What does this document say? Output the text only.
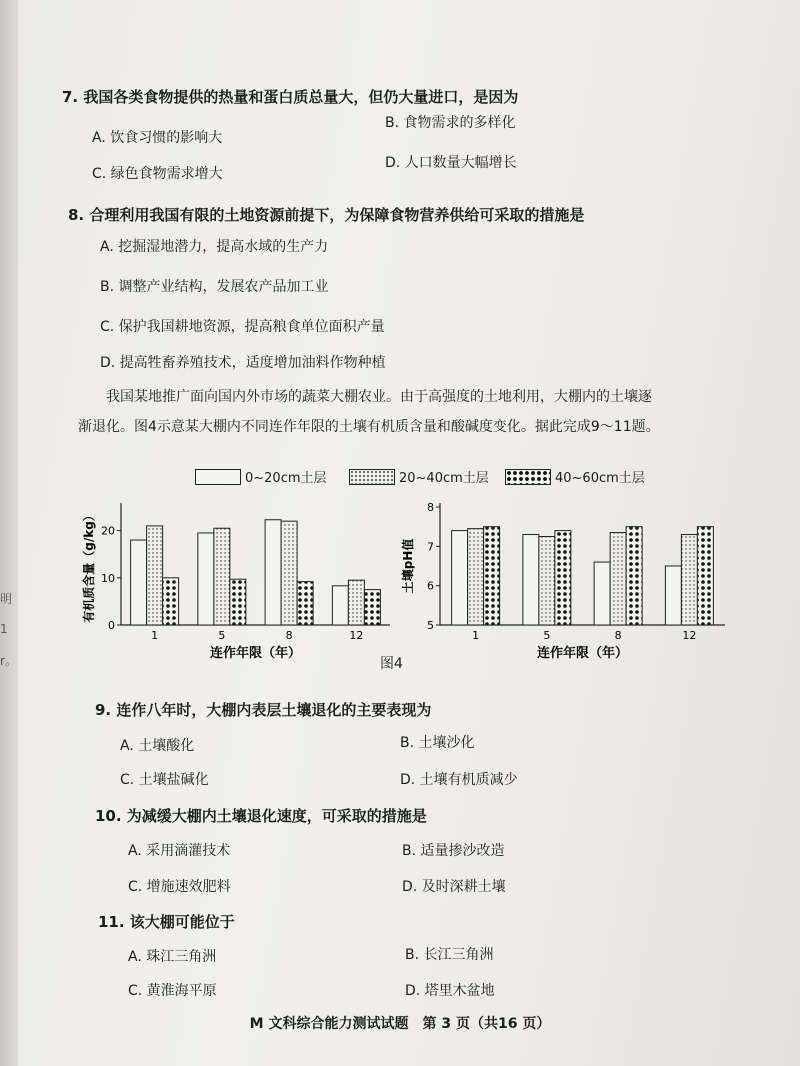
明
1
r。
7. 我国各类食物提供的热量和蛋白质总量大，但仍大量进口，是因为
A. 饮食习惯的影响大
B. 食物需求的多样化
C. 绿色食物需求增大
D. 人口数量大幅增长
8. 合理利用我国有限的土地资源前提下，为保障食物营养供给可采取的措施是
A. 挖掘湿地潜力，提高水域的生产力
B. 调整产业结构，发展农产品加工业
C. 保护我国耕地资源，提高粮食单位面积产量
D. 提高牲畜养殖技术，适度增加油料作物种植
我国某地推广面向国内外市场的蔬菜大棚农业。由于高强度的土地利用，大棚内的土壤逐
渐退化。图4示意某大棚内不同连作年限的土壤有机质含量和酸碱度变化。据此完成9～11题。
0~20cm土层	20~40cm土层	40~60cm土层
0
10
20
有机质含量（g/kg）
1	5	8	12
连作年限（年）
5
6
7
8
土壤pH值
1	5	8	12
连作年限（年）
图4
9. 连作八年时，大棚内表层土壤退化的主要表现为
A. 土壤酸化	B. 土壤沙化
C. 土壤盐碱化	D. 土壤有机质减少
10. 为减缓大棚内土壤退化速度，可采取的措施是
A. 采用滴灌技术	B. 适量掺沙改造
C. 增施速效肥料	D. 及时深耕土壤
11. 该大棚可能位于
A. 珠江三角洲	B. 长江三角洲
C. 黄淮海平原	D. 塔里木盆地
M 文科综合能力测试试题　第 3 页（共16 页）
